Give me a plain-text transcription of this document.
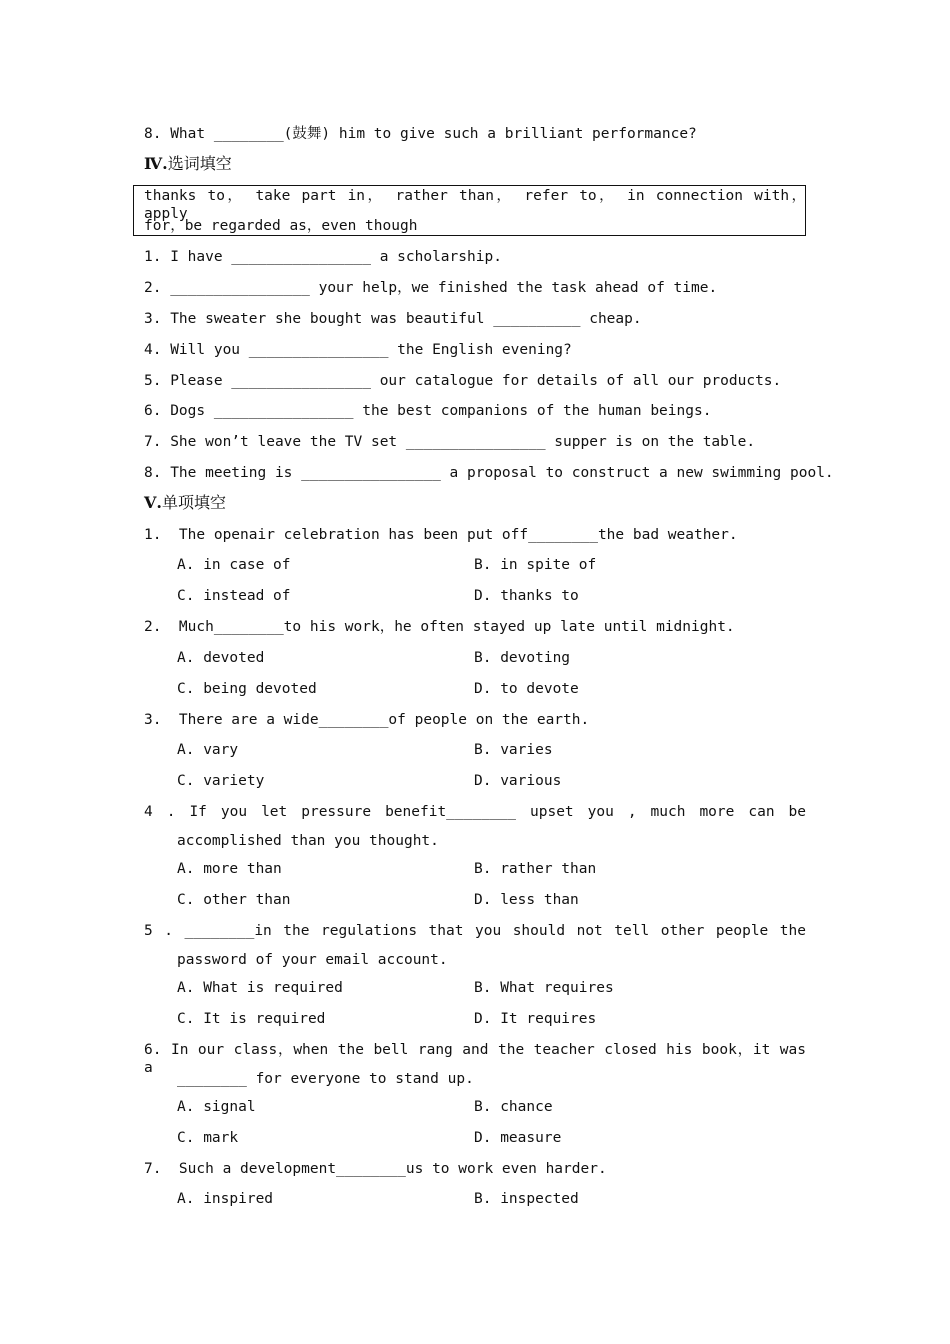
8. What ________(鼓舞) him to give such a brilliant performance?
Ⅳ.选词填空
thanks to， take part in， rather than， refer to， in connection with， apply
for，be regarded as，even though
1. I have ________________ a scholarship.
2. ________________ your help，we finished the task ahead of time.
3. The sweater she bought was beautiful __________ cheap.
4. Will you ________________ the English evening?
5. Please ________________ our catalogue for details of all our products.
6. Dogs ________________ the best companions of the human beings.
7. She won’t leave the TV set ________________ supper is on the table.
8. The meeting is ________________ a proposal to construct a new swimming pool.
Ⅴ.单项填空
1.  The openair celebration has been put off________the bad weather.
A. in case of	B. in spite of
C. instead of	D. thanks to
2.  Much________to his work，he often stayed up late until midnight.
A. devoted	B. devoting
C. being devoted	D. to devote
3.  There are a wide________of people on the earth.
A. vary	B. varies
C. variety	D. various
4 . If you let pressure benefit________ upset you , much more can be
accomplished than you thought.
A. more than	B. rather than
C. other than	D. less than
5 . ________in the regulations that you should not tell other people the
password of your email account.
A. What is required	B. What requires
C. It is required	D. It requires
6. In our class，when the bell rang and the teacher closed his book，it was a
________ for everyone to stand up.
A. signal	B. chance
C. mark	D. measure
7.  Such a development________us to work even harder.
A. inspired	B. inspected
